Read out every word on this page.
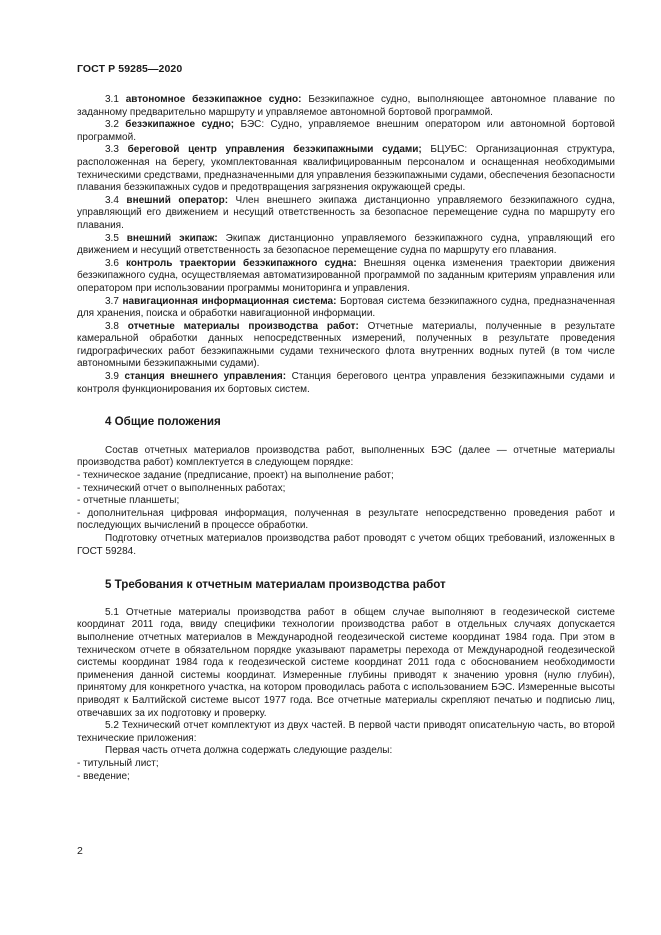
ГОСТ Р 59285—2020

3.1 автономное безэкипажное судно: Безэкипажное судно, выполняющее автономное плавание по заданному предварительно маршруту и управляемое автономной бортовой программой.

3.2 безэкипажное судно; БЭС: Судно, управляемое внешним оператором или автономной бортовой программой.

3.3 береговой центр управления безэкипажными судами; БЦУБС: Организационная структура, расположенная на берегу, укомплектованная квалифицированным персоналом и оснащенная необходимыми техническими средствами, предназначенными для управления безэкипажными судами, обеспечения безопасности плавания безэкипажных судов и предотвращения загрязнения окружающей среды.

3.4 внешний оператор: Член внешнего экипажа дистанционно управляемого безэкипажного судна, управляющий его движением и несущий ответственность за безопасное перемещение судна по маршруту его плавания.

3.5 внешний экипаж: Экипаж дистанционно управляемого безэкипажного судна, управляющий его движением и несущий ответственность за безопасное перемещение судна по маршруту его плавания.

3.6 контроль траектории безэкипажного судна: Внешняя оценка изменения траектории движения безэкипажного судна, осуществляемая автоматизированной программой по заданным критериям управления или оператором при использовании программы мониторинга и управления.

3.7 навигационная информационная система: Бортовая система безэкипажного судна, предназначенная для хранения, поиска и обработки навигационной информации.

3.8 отчетные материалы производства работ: Отчетные материалы, полученные в результате камеральной обработки данных непосредственных измерений, полученных в результате проведения гидрографических работ безэкипажными судами технического флота внутренних водных путей (в том числе автономными безэкипажными судами).

3.9 станция внешнего управления: Станция берегового центра управления безэкипажными судами и контроля функционирования их бортовых систем.

4 Общие положения

Состав отчетных материалов производства работ, выполненных БЭС (далее — отчетные материалы производства работ) комплектуется в следующем порядке:

- техническое задание (предписание, проект) на выполнение работ;

- технический отчет о выполненных работах;

- отчетные планшеты;

- дополнительная цифровая информация, полученная в результате непосредственно проведения работ и последующих вычислений в процессе обработки.

Подготовку отчетных материалов производства работ проводят с учетом общих требований, изложенных в ГОСТ 59284.

5 Требования к отчетным материалам производства работ

5.1 Отчетные материалы производства работ в общем случае выполняют в геодезической системе координат 2011 года, ввиду специфики технологии производства работ в отдельных случаях допускается выполнение отчетных материалов в Международной геодезической системе координат 1984 года. При этом в техническом отчете в обязательном порядке указывают параметры перехода от Международной геодезической системы координат 1984 года к геодезической системе координат 2011 года с обоснованием необходимости применения данной системы координат. Измеренные глубины приводят к значению уровня (нулю глубин), принятому для конкретного участка, на котором проводилась работа с использованием БЭС. Измеренные высоты приводят к Балтийской системе высот 1977 года. Все отчетные материалы скрепляют печатью и подписью лиц, отвечавших за их подготовку и проверку.

5.2 Технический отчет комплектуют из двух частей. В первой части приводят описательную часть, во второй технические приложения:

Первая часть отчета должна содержать следующие разделы:

- титульный лист;

- введение;

2
